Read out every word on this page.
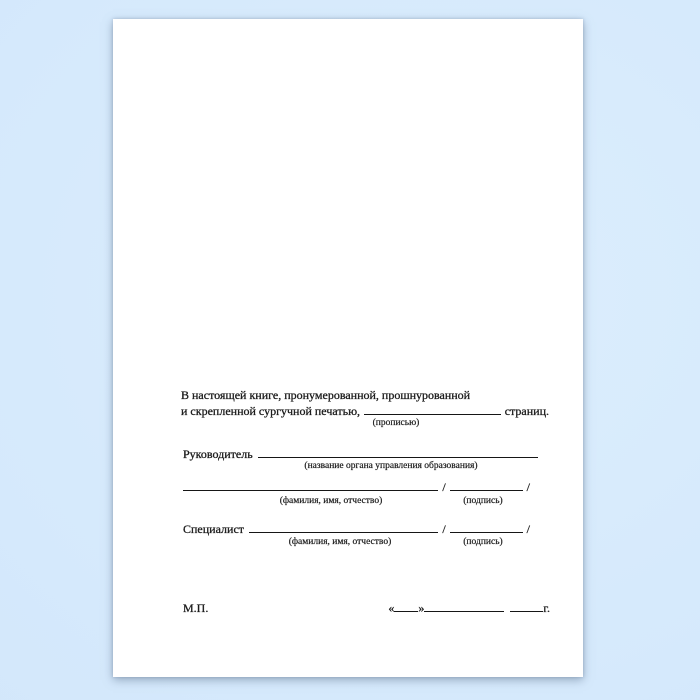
В настоящей книге, пронумерованной, прошнурованной
и скрепленной сургучной печатью,	страниц.
(прописью)
Руководитель
(название органа управления образования)
/	/
(фамилия, имя, отчество)	(подпись)
Специалист	/	/
(фамилия, имя, отчество)	(подпись)
М.П.	« »	г.
